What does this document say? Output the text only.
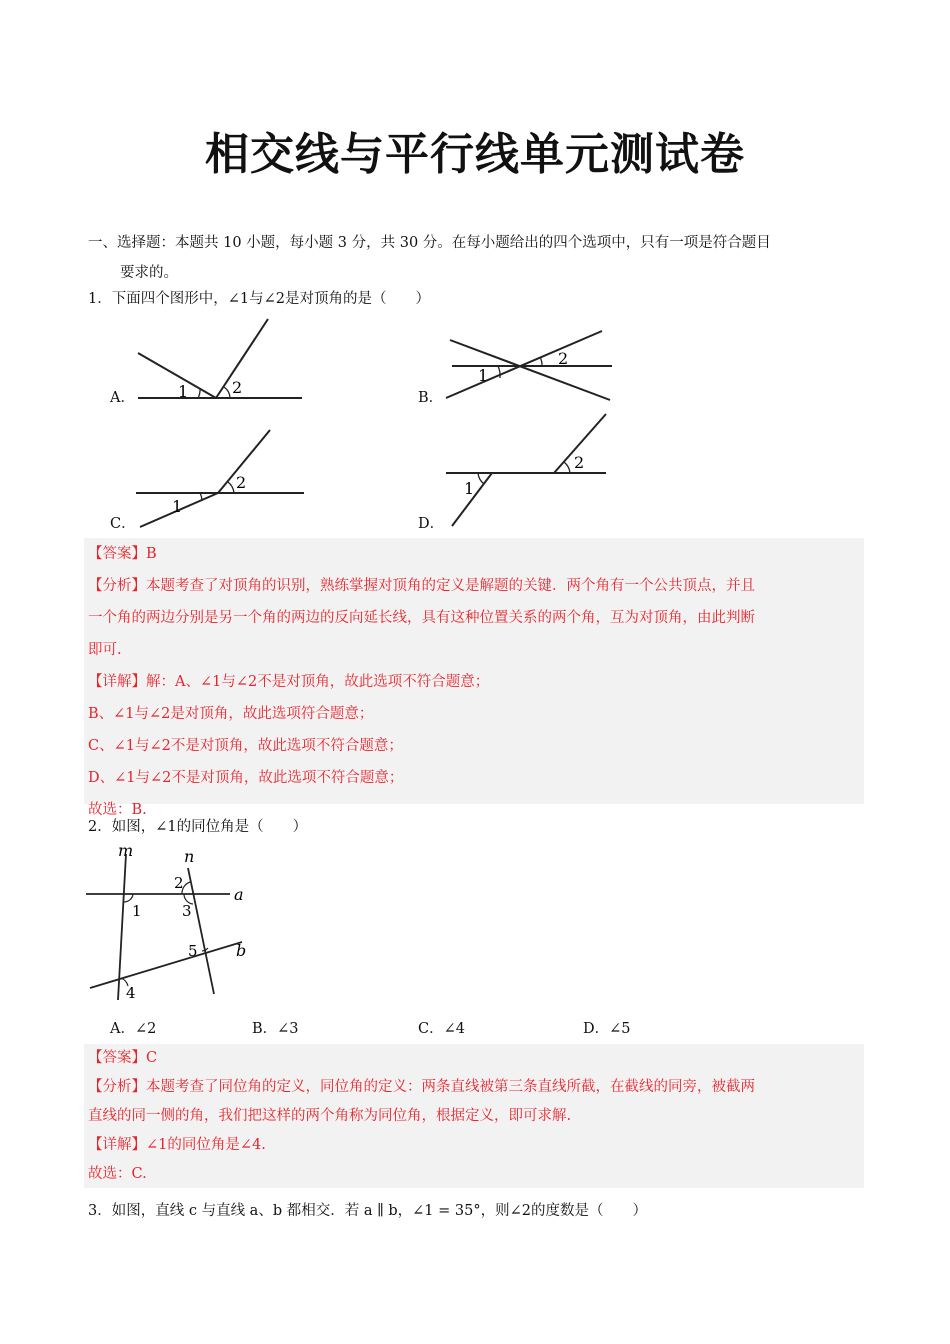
相交线与平行线单元测试卷
一、选择题：本题共 10 小题，每小题 3 分，共 30 分。在每小题给出的四个选项中，只有一项是符合题目
要求的。
1．下面四个图形中，∠1与∠2是对顶角的是（　　）
A．	1	2
B．
1
2
C．
1
2
D．
1
2

【答案】B

【分析】本题考查了对顶角的识别，熟练掌握对顶角的定义是解题的关键．两个角有一个公共顶点，并且

一个角的两边分别是另一个角的两边的反向延长线，具有这种位置关系的两个角，互为对顶角，由此判断

即可.

【详解】解：A、∠1与∠2不是对顶角，故此选项不符合题意；

B、∠1与∠2是对顶角，故此选项符合题意；

C、∠1与∠2不是对顶角，故此选项不符合题意；

D、∠1与∠2不是对顶角，故此选项不符合题意；

故选：B.

2．如图，∠1的同位角是（　　）
m	n
a
b
1
2
3
4
5
A．∠2	B．∠3	C．∠4	D．∠5

【答案】C

【分析】本题考查了同位角的定义，同位角的定义：两条直线被第三条直线所截，在截线的同旁，被截两

直线的同一侧的角，我们把这样的两个角称为同位角，根据定义，即可求解.

【详解】∠1的同位角是∠4.

故选：C.

3．如图，直线 c 与直线 a、b 都相交．若 a ∥ b，∠1 = 35°，则∠2的度数是（　　）
